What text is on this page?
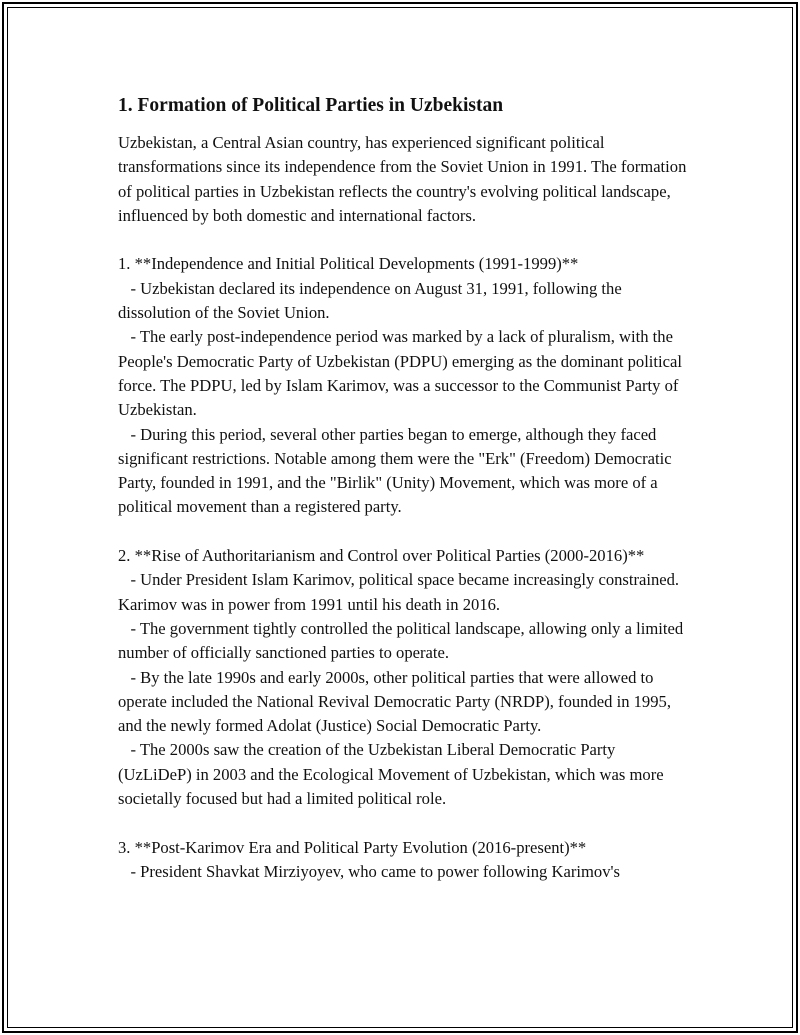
1. Formation of Political Parties in Uzbekistan

Uzbekistan, a Central Asian country, has experienced significant political transformations since its independence from the Soviet Union in 1991. The formation of political parties in Uzbekistan reflects the country's evolving political landscape, influenced by both domestic and international factors.

1. **Independence and Initial Political Developments (1991-1999)**

- Uzbekistan declared its independence on August 31, 1991, following the dissolution of the Soviet Union.

- The early post-independence period was marked by a lack of pluralism, with the People's Democratic Party of Uzbekistan (PDPU) emerging as the dominant political force. The PDPU, led by Islam Karimov, was a successor to the Communist Party of Uzbekistan.

- During this period, several other parties began to emerge, although they faced significant restrictions. Notable among them were the "Erk" (Freedom) Democratic Party, founded in 1991, and the "Birlik" (Unity) Movement, which was more of a political movement than a registered party.

2. **Rise of Authoritarianism and Control over Political Parties (2000-2016)**

- Under President Islam Karimov, political space became increasingly constrained. Karimov was in power from 1991 until his death in 2016.

- The government tightly controlled the political landscape, allowing only a limited number of officially sanctioned parties to operate.

- By the late 1990s and early 2000s, other political parties that were allowed to operate included the National Revival Democratic Party (NRDP), founded in 1995, and the newly formed Adolat (Justice) Social Democratic Party.

- The 2000s saw the creation of the Uzbekistan Liberal Democratic Party (UzLiDeP) in 2003 and the Ecological Movement of Uzbekistan, which was more societally focused but had a limited political role.

3. **Post-Karimov Era and Political Party Evolution (2016-present)**

- President Shavkat Mirziyoyev, who came to power following Karimov's
